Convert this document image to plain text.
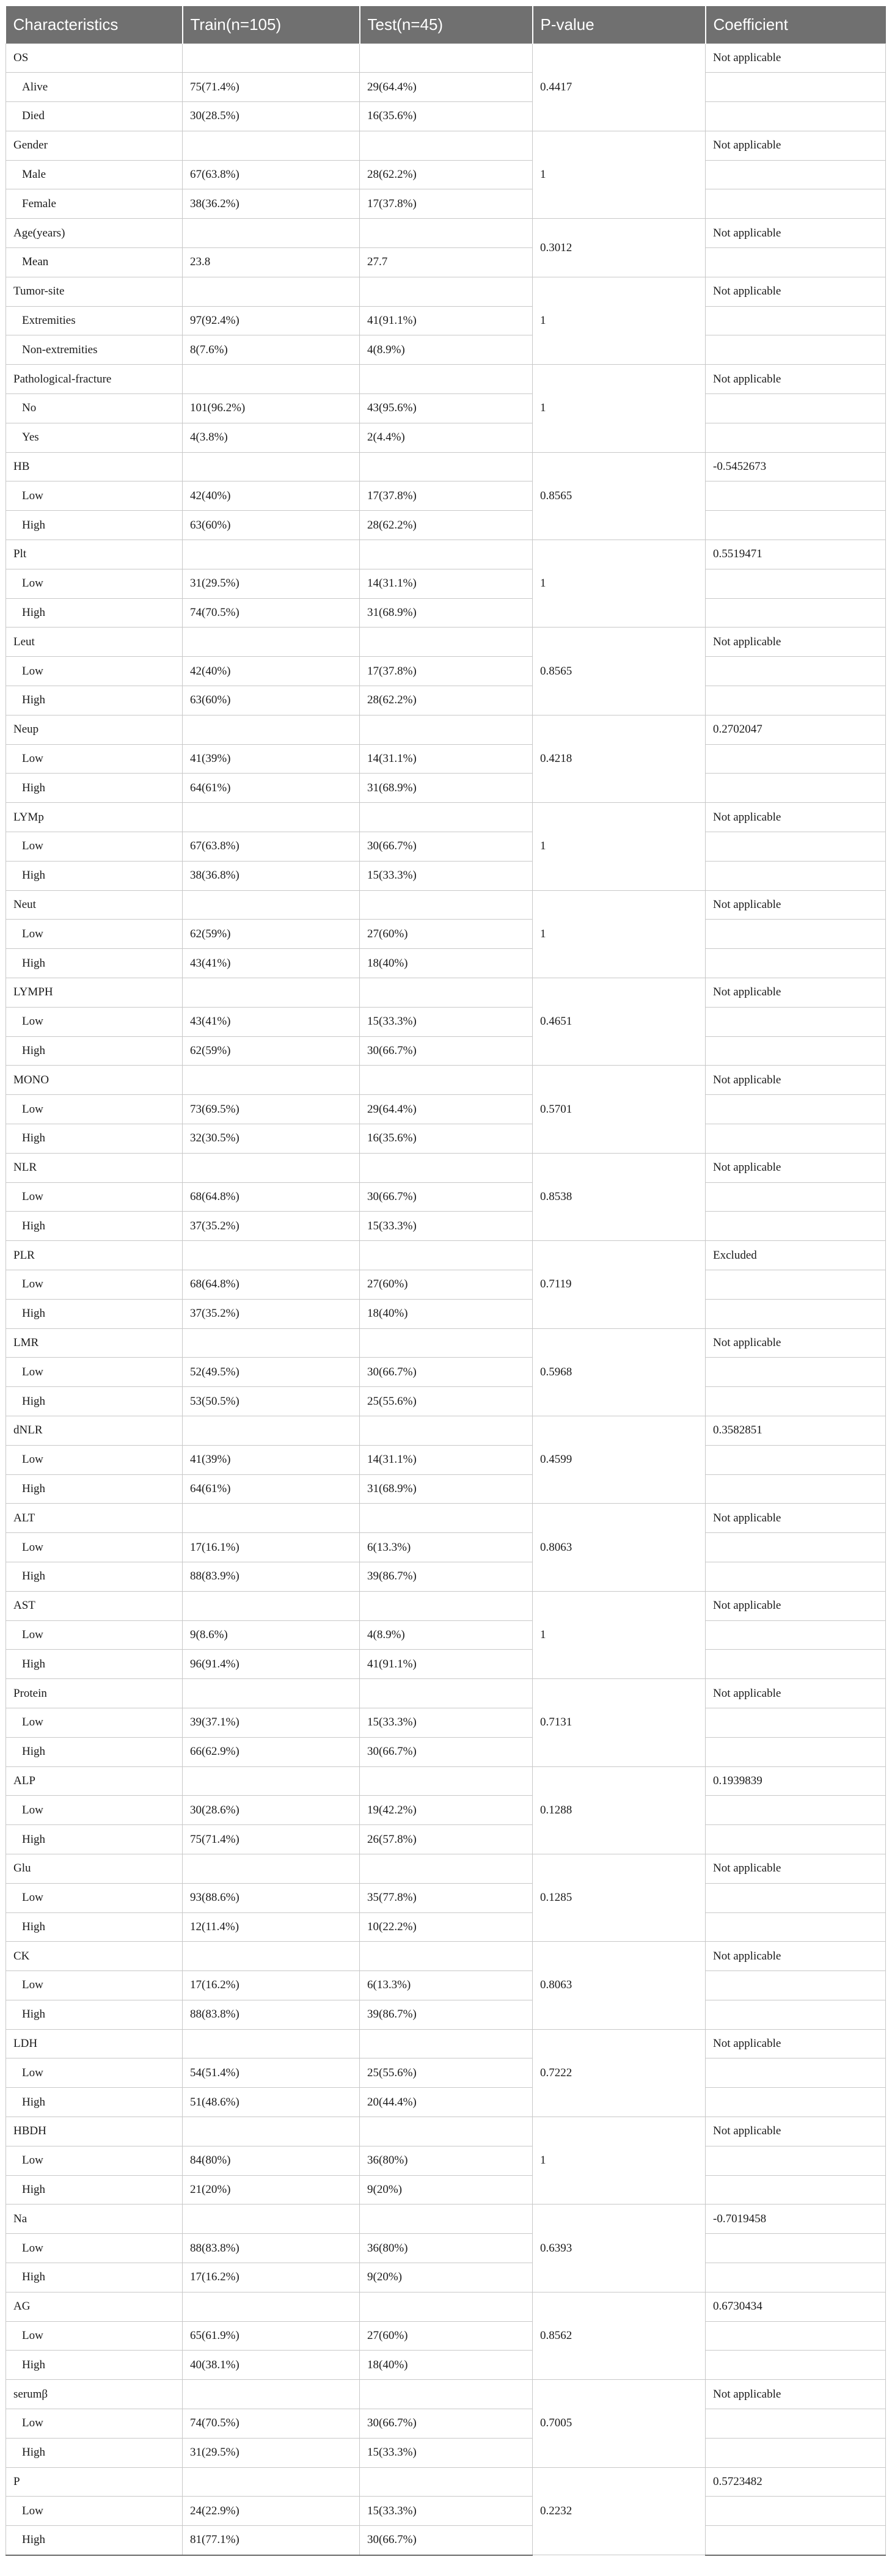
Characteristics	Train(n=105)	Test(n=45)	P-value	Coefficient
OS			0.4417	Not applicable
Alive	75(71.4%)	29(64.4%)		
Died	30(28.5%)	16(35.6%)		
Gender			1	Not applicable
Male	67(63.8%)	28(62.2%)		
Female	38(36.2%)	17(37.8%)		
Age(years)			0.3012	Not applicable
Mean	23.8	27.7		
Tumor-site			1	Not applicable
Extremities	97(92.4%)	41(91.1%)		
Non-extremities	8(7.6%)	4(8.9%)		
Pathological-fracture			1	Not applicable
No	101(96.2%)	43(95.6%)		
Yes	4(3.8%)	2(4.4%)		
HB			0.8565	-0.5452673
Low	42(40%)	17(37.8%)		
High	63(60%)	28(62.2%)		
Plt			1	0.5519471
Low	31(29.5%)	14(31.1%)		
High	74(70.5%)	31(68.9%)		
Leut			0.8565	Not applicable
Low	42(40%)	17(37.8%)		
High	63(60%)	28(62.2%)		
Neup			0.4218	0.2702047
Low	41(39%)	14(31.1%)		
High	64(61%)	31(68.9%)		
LYMp			1	Not applicable
Low	67(63.8%)	30(66.7%)		
High	38(36.8%)	15(33.3%)		
Neut			1	Not applicable
Low	62(59%)	27(60%)		
High	43(41%)	18(40%)		
LYMPH			0.4651	Not applicable
Low	43(41%)	15(33.3%)		
High	62(59%)	30(66.7%)		
MONO			0.5701	Not applicable
Low	73(69.5%)	29(64.4%)		
High	32(30.5%)	16(35.6%)		
NLR			0.8538	Not applicable
Low	68(64.8%)	30(66.7%)		
High	37(35.2%)	15(33.3%)		
PLR			0.7119	Excluded
Low	68(64.8%)	27(60%)		
High	37(35.2%)	18(40%)		
LMR			0.5968	Not applicable
Low	52(49.5%)	30(66.7%)		
High	53(50.5%)	25(55.6%)		
dNLR			0.4599	0.3582851
Low	41(39%)	14(31.1%)		
High	64(61%)	31(68.9%)		
ALT			0.8063	Not applicable
Low	17(16.1%)	6(13.3%)		
High	88(83.9%)	39(86.7%)		
AST			1	Not applicable
Low	9(8.6%)	4(8.9%)		
High	96(91.4%)	41(91.1%)		
Protein			0.7131	Not applicable
Low	39(37.1%)	15(33.3%)		
High	66(62.9%)	30(66.7%)		
ALP			0.1288	0.1939839
Low	30(28.6%)	19(42.2%)		
High	75(71.4%)	26(57.8%)		
Glu			0.1285	Not applicable
Low	93(88.6%)	35(77.8%)		
High	12(11.4%)	10(22.2%)		
CK			0.8063	Not applicable
Low	17(16.2%)	6(13.3%)		
High	88(83.8%)	39(86.7%)		
LDH			0.7222	Not applicable
Low	54(51.4%)	25(55.6%)		
High	51(48.6%)	20(44.4%)		
HBDH			1	Not applicable
Low	84(80%)	36(80%)		
High	21(20%)	9(20%)		
Na			0.6393	-0.7019458
Low	88(83.8%)	36(80%)		
High	17(16.2%)	9(20%)		
AG			0.8562	0.6730434
Low	65(61.9%)	27(60%)		
High	40(38.1%)	18(40%)		
serumβ			0.7005	Not applicable
Low	74(70.5%)	30(66.7%)		
High	31(29.5%)	15(33.3%)		
P			0.2232	0.5723482
Low	24(22.9%)	15(33.3%)		
High	81(77.1%)	30(66.7%)		
